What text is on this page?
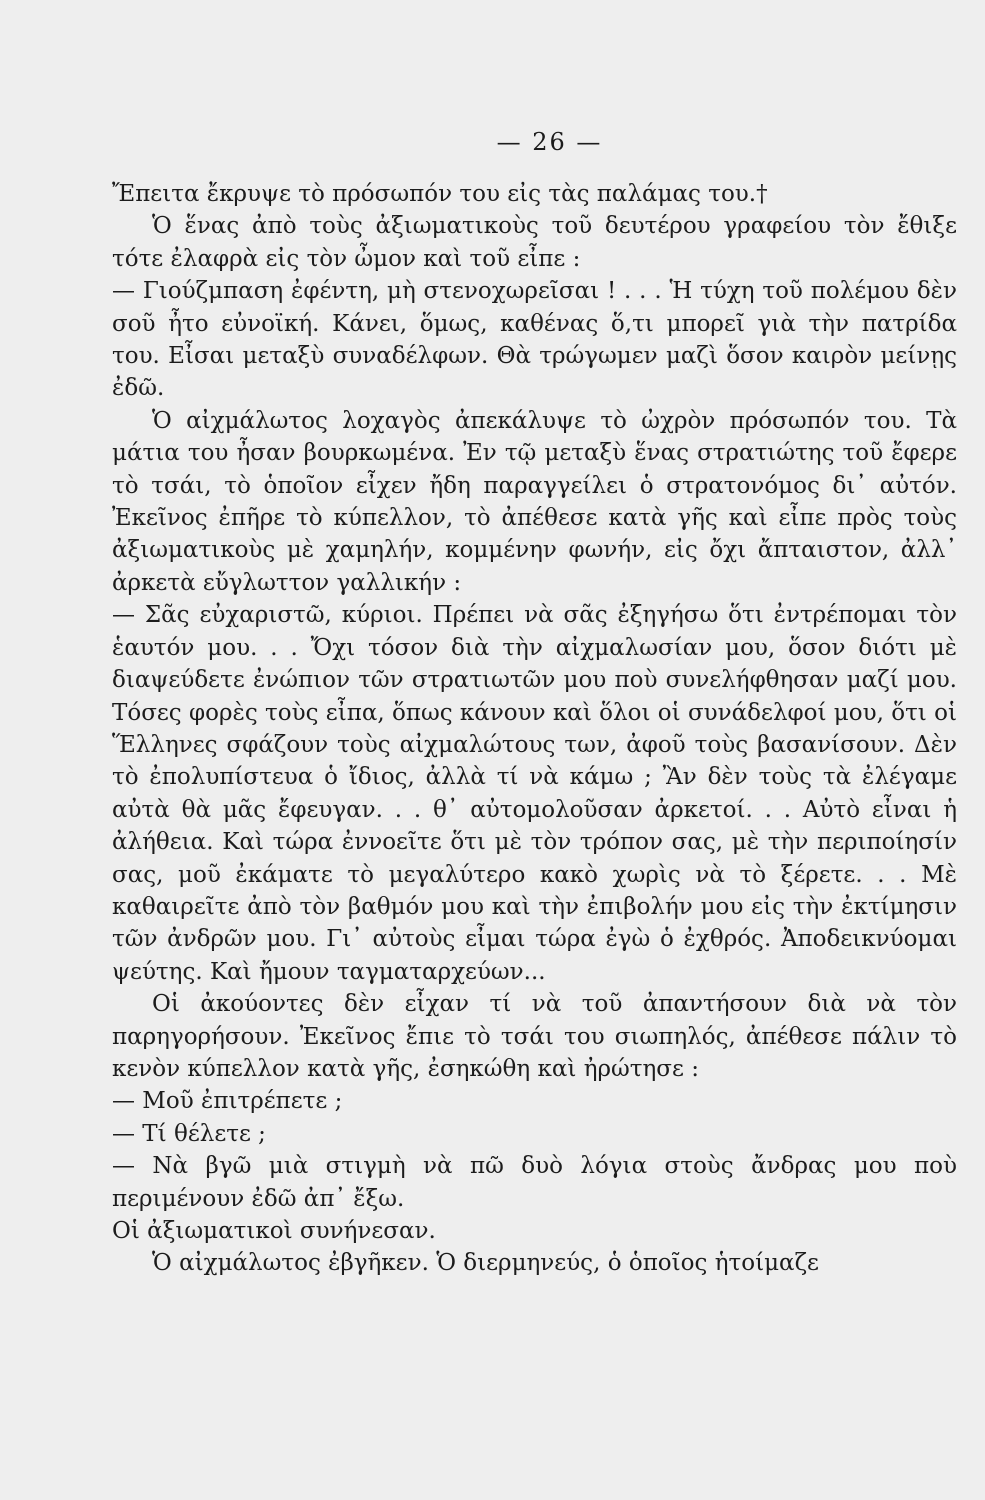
— 26 —

Ἔπειτα ἔκρυψε τὸ πρόσωπόν του εἰς τὰς παλάμας του.†

Ὁ ἕνας ἀπὸ τοὺς ἀξιωματικοὺς τοῦ δευτέρου γραφείου τὸν ἔθιξε τότε ἐλαφρὰ εἰς τὸν ὦμον καὶ τοῦ εἶπε :

— Γιούζμπαση ἐφέντη, μὴ στενοχωρεῖσαι ! . . . Ἡ τύχη τοῦ πολέμου δὲν σοῦ ἦτο εὐνοϊκή. Κάνει, ὅμως, καθένας ὅ,τι μπορεῖ γιὰ τὴν πατρίδα του. Εἶσαι μεταξὺ συναδέλφων. Θὰ τρώγωμεν μαζὶ ὅσον καιρὸν μείνῃς ἐδῶ.

Ὁ αἰχμάλωτος λοχαγὸς ἀπεκάλυψε τὸ ὠχρὸν πρόσωπόν του. Τὰ μάτια του ἦσαν βουρκωμένα. Ἐν τῷ μεταξὺ ἕνας στρατιώτης τοῦ ἔφερε τὸ τσάι, τὸ ὁποῖον εἶχεν ἤδη παραγγείλει ὁ στρατονόμος δι᾿ αὐτόν. Ἐκεῖνος ἐπῆρε τὸ κύπελλον, τὸ ἀπέθεσε κατὰ γῆς καὶ εἶπε πρὸς τοὺς ἀξιωματικοὺς μὲ χαμηλήν, κομμένην φωνήν, εἰς ὄχι ἄπταιστον, ἀλλ᾿ ἀρκετὰ εὔγλωττον γαλλικήν :

— Σᾶς εὐχαριστῶ, κύριοι. Πρέπει νὰ σᾶς ἐξηγήσω ὅτι ἐντρέπομαι τὸν ἑαυτόν μου. . . Ὄχι τόσον διὰ τὴν αἰχμαλωσίαν μου, ὅσον διότι μὲ διαψεύδετε ἐνώπιον τῶν στρατιωτῶν μου ποὺ συνελήφθησαν μαζί μου. Τόσες φορὲς τοὺς εἶπα, ὅπως κάνουν καὶ ὅλοι οἱ συνάδελφοί μου, ὅτι οἱ Ἕλληνες σφάζουν τοὺς αἰχμαλώτους των, ἀφοῦ τοὺς βασανίσουν. Δὲν τὸ ἐπολυπίστευα ὁ ἴδιος, ἀλλὰ τί νὰ κάμω ; Ἂν δὲν τοὺς τὰ ἐλέγαμε αὐτὰ θὰ μᾶς ἔφευγαν. . . θ᾿ αὐτομολοῦσαν ἀρκετοί. . . Αὐτὸ εἶναι ἡ ἀλήθεια. Καὶ τώρα ἐννοεῖτε ὅτι μὲ τὸν τρόπον σας, μὲ τὴν περιποίησίν σας, μοῦ ἐκάματε τὸ μεγαλύτερο κακὸ χωρὶς νὰ τὸ ξέρετε. . . Μὲ καθαιρεῖτε ἀπὸ τὸν βαθμόν μου καὶ τὴν ἐπιβολήν μου εἰς τὴν ἐκτίμησιν τῶν ἀνδρῶν μου. Γι᾿ αὐτοὺς εἶμαι τώρα ἐγὼ ὁ ἐχθρός. Ἀποδεικνύομαι ψεύτης. Καὶ ἤμουν ταγματαρχεύων...

Οἱ ἀκούοντες δὲν εἶχαν τί νὰ τοῦ ἀπαντήσουν διὰ νὰ τὸν παρηγορήσουν. Ἐκεῖνος ἔπιε τὸ τσάι του σιωπηλός, ἀπέθεσε πάλιν τὸ κενὸν κύπελλον κατὰ γῆς, ἐσηκώθη καὶ ἠρώτησε :

— Μοῦ ἐπιτρέπετε ;

— Τί θέλετε ;

— Νὰ βγῶ μιὰ στιγμὴ νὰ πῶ δυὸ λόγια στοὺς ἄνδρας μου ποὺ περιμένουν ἐδῶ ἀπ᾿ ἔξω.

Οἱ ἀξιωματικοὶ συνήνεσαν.

Ὁ αἰχμάλωτος ἐβγῆκεν. Ὁ διερμηνεύς, ὁ ὁποῖος ἡτοίμαζε
